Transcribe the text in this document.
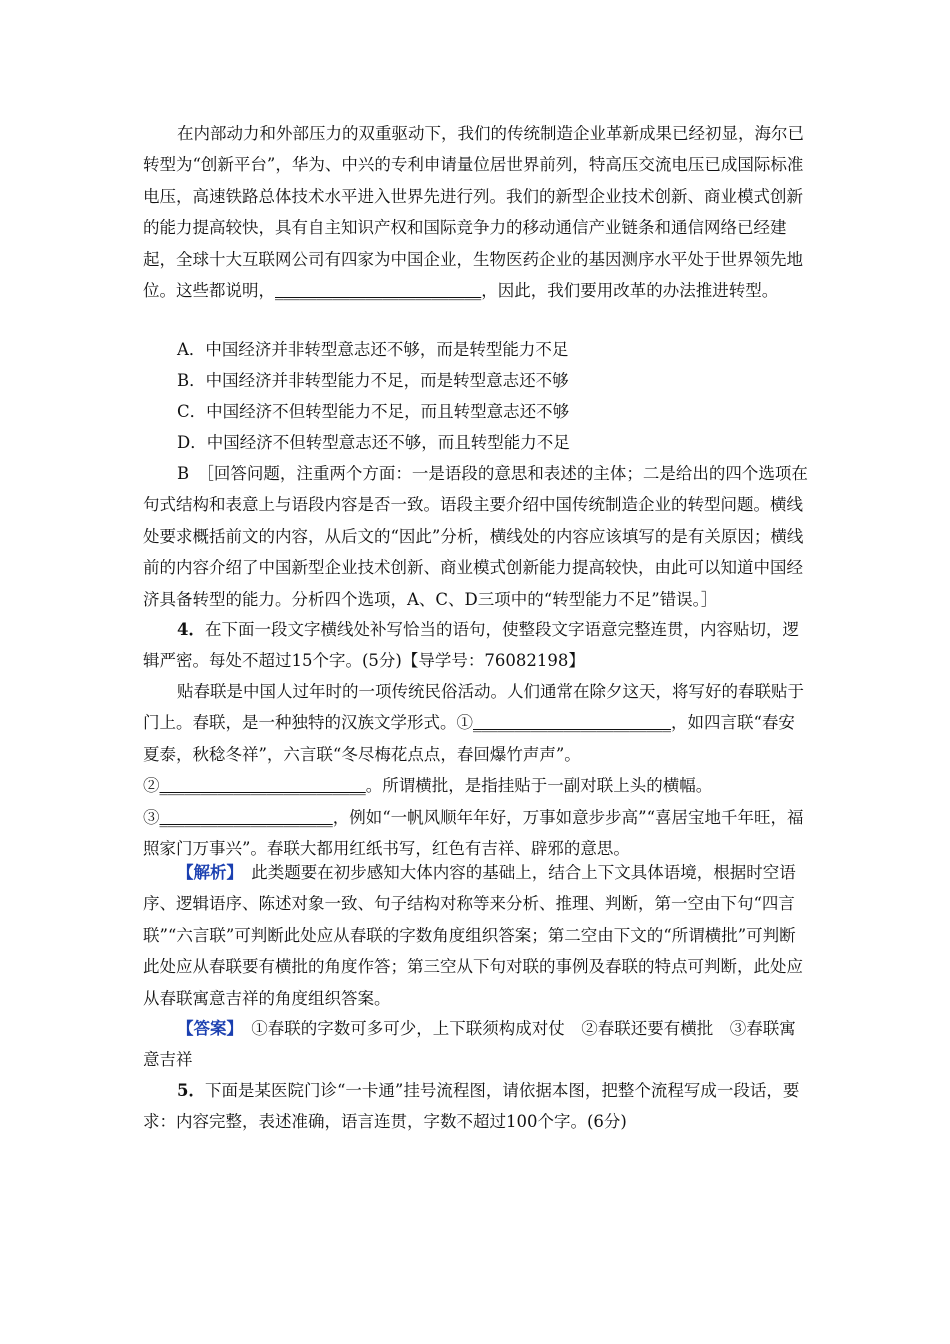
在内部动力和外部压力的双重驱动下，我们的传统制造企业革新成果已经初显，海尔已转型为“创新平台”，华为、中兴的专利申请量位居世界前列，特高压交流电压已成国际标准电压，高速铁路总体技术水平进入世界先进行列。我们的新型企业技术创新、商业模式创新的能力提高较快，具有自主知识产权和国际竞争力的移动通信产业链条和通信网络已经建起，全球十大互联网公司有四家为中国企业，生物医药企业的基因测序水平处于世界领先地位。这些都说明，_________________________，因此，我们要用改革的办法推进转型。
A．中国经济并非转型意志还不够，而是转型能力不足
B．中国经济并非转型能力不足，而是转型意志还不够
C．中国经济不但转型能力不足，而且转型意志还不够
D．中国经济不但转型意志还不够，而且转型能力不足
B　 ［回答问题，注重两个方面：一是语段的意思和表述的主体；二是给出的四个选项在句式结构和表意上与语段内容是否一致。语段主要介绍中国传统制造企业的转型问题。横线处要求概括前文的内容，从后文的“因此”分析，横线处的内容应该填写的是有关原因；横线前的内容介绍了中国新型企业技术创新、商业模式创新能力提高较快，由此可以知道中国经济具备转型的能力。分析四个选项，A、C、D三项中的“转型能力不足”错误。］
4．在下面一段文字横线处补写恰当的语句，使整段文字语意完整连贯，内容贴切，逻辑严密。每处不超过15个字。(5分)【导学号：76082198】
贴春联是中国人过年时的一项传统民俗活动。人们通常在除夕这天，将写好的春联贴于门上。春联，是一种独特的汉族文学形式。①________________________，如四言联“春安夏泰，秋稔冬祥”，六言联“冬尽梅花点点，春回爆竹声声”。②_________________________。所谓横批，是指挂贴于一副对联上头的横幅。③_____________________，例如“一帆风顺年年好，万事如意步步高”“喜居宝地千年旺，福照家门万事兴”。春联大都用红纸书写，红色有吉祥、辟邪的意思。
【解析】　 此类题要在初步感知大体内容的基础上，结合上下文具体语境，根据时空语序、逻辑语序、陈述对象一致、句子结构对称等来分析、推理、判断，第一空由下句“四言联”“六言联”可判断此处应从春联的字数角度组织答案；第二空由下文的“所谓横批”可判断此处应从春联要有横批的角度作答；第三空从下句对联的事例及春联的特点可判断，此处应从春联寓意吉祥的角度组织答案。
【答案】　 ①春联的字数可多可少，上下联须构成对仗　②春联还要有横批　③春联寓意吉祥
5．下面是某医院门诊“一卡通”挂号流程图，请依据本图，把整个流程写成一段话，要求：内容完整，表述准确，语言连贯，字数不超过100个字。(6分)
